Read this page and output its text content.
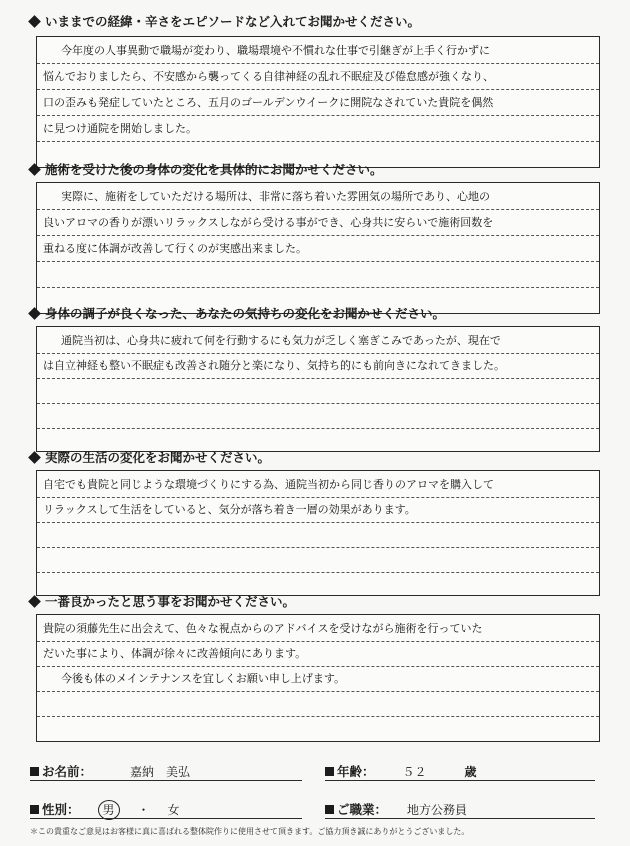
いままでの経緯・辛さをエピソードなど入れてお聞かせください。
今年度の人事異動で職場が変わり、職場環境や不慣れな仕事で引継ぎが上手く行かずに
悩んでおりましたら、不安感から襲ってくる自律神経の乱れ不眠症及び倦怠感が強くなり、
口の歪みも発症していたところ、五月のゴールデンウイークに開院なされていた貴院を偶然
に見つけ通院を開始しました。
施術を受けた後の身体の変化を具体的にお聞かせください。
実際に、施術をしていただける場所は、非常に落ち着いた雰囲気の場所であり、心地の
良いアロマの香りが漂いリラックスしながら受ける事ができ、心身共に安らいで施術回数を
重ねる度に体調が改善して行くのが実感出来ました。
身体の調子が良くなった、あなたの気持ちの変化をお聞かせください。
通院当初は、心身共に疲れて何を行動するにも気力が乏しく塞ぎこみであったが、現在で
は自立神経も整い不眠症も改善され随分と楽になり、気持ち的にも前向きになれてきました。
実際の生活の変化をお聞かせください。
自宅でも貴院と同じような環境づくりにする為、通院当初から同じ香りのアロマを購入して
リラックスして生活をしていると、気分が落ち着き一層の効果があります。
一番良かったと思う事をお聞かせください。
貴院の須藤先生に出会えて、色々な視点からのアドバイスを受けながら施術を行っていた
だいた事により、体調が徐々に改善傾向にあります。
今後も体のメインテナンスを宜しくお願い申し上げます。
お名前：	嘉納　美弘	年齢： ５２	歳
性別： 男 ・ 女	ご職業： 地方公務員
＊この貴重なご意見はお客様に真に喜ばれる整体院作りに使用させて頂きます。ご協力頂き誠にありがとうございました。
